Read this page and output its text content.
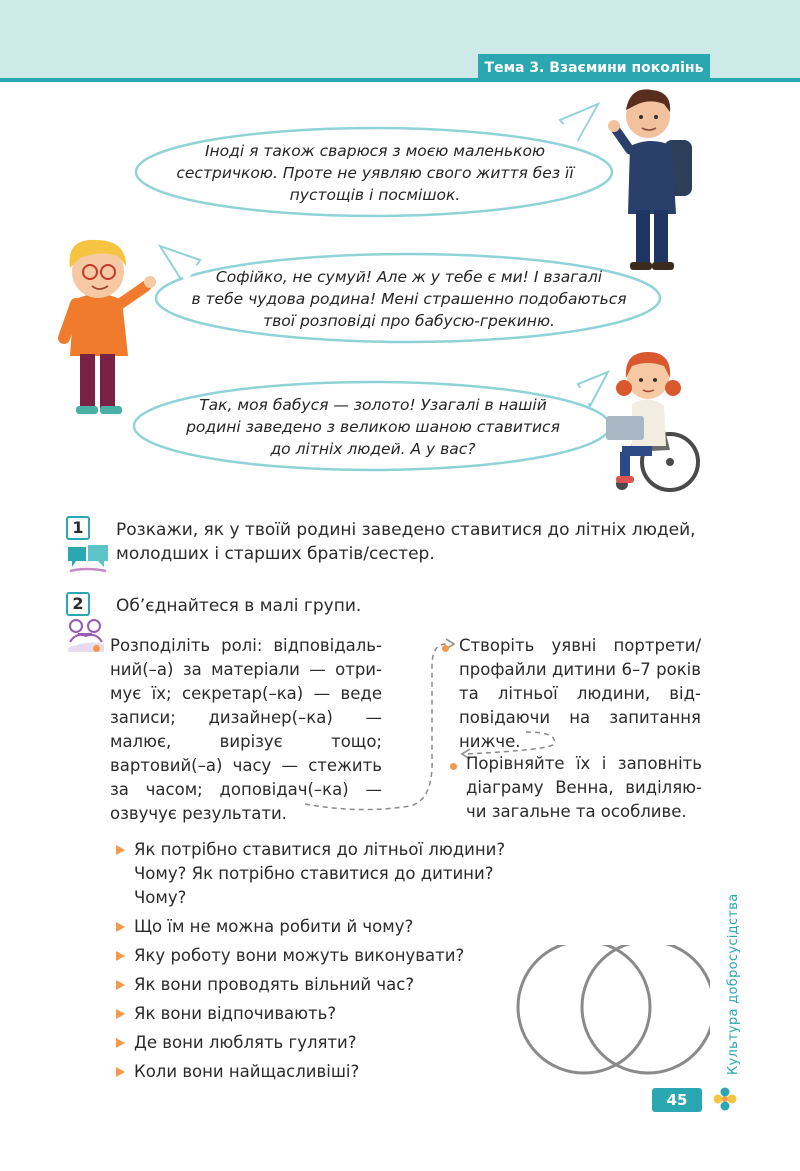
Тема 3. Взаємини поколінь
Іноді я також сварюся з моєю маленькою
сестричкою. Проте не уявляю свого життя без її
пустощів і посмішок.
Софійко, не сумуй! Але ж у тебе є ми! І взагалі
в тебе чудова родина! Мені страшенно подобаються
твої розповіді про бабусю-грекиню.
Так, моя бабуся — золото! Узагалі в нашій
родині заведено з великою шаною ставитися
до літніх людей. А у вас?
1	Розкажи, як у твоїй родині заведено ставитися до літніх людей,
молодших і старших братів/сестер.
2	Об’єднайтеся в малі групи.
Розподіліть ролі: відповідальний(–а) за матеріали — отримує їх; секретар(–ка) — веде записи; дизайнер(–ка) — малює, вирізує тощо; вартовий(–а) часу — стежить за часом; доповідач(–ка) — озвучує результати.
Створіть уявні портрети/ профайли дитини 6–7 років та літньої людини, відповідаючи на запитання нижче.
Порівняйте їх і заповніть діаграму Венна, виділяючи загальне та особливе.
Як потрібно ставитися до літньої людини? Чому? Як потрібно ставитися до дитини? Чому?
Що їм не можна робити й чому?
Яку роботу вони можуть виконувати?
Як вони проводять вільний час?
Як вони відпочивають?
Де вони люблять гуляти?
Коли вони найщасливіші?	Культура добросусідства
45
